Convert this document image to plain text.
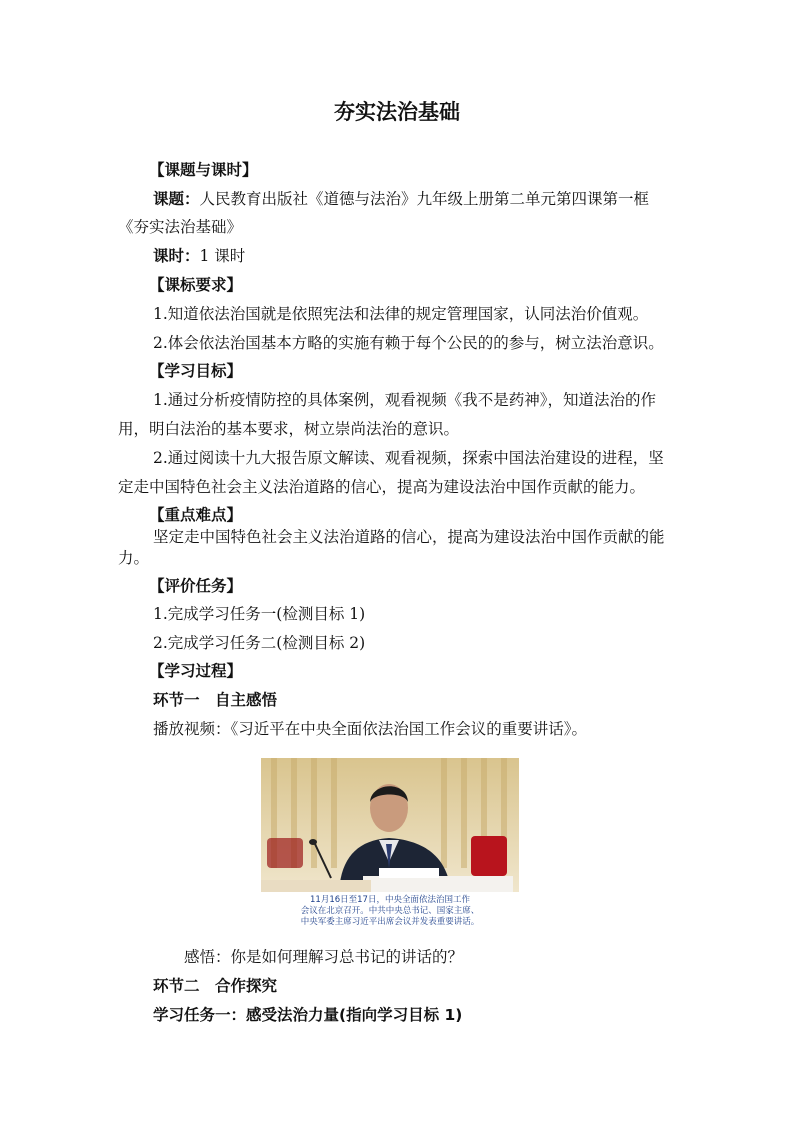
夯实法治基础
【课题与课时】
课题：人民教育出版社《道德与法治》九年级上册第二单元第四课第一框
《夯实法治基础》
课时：1 课时
【课标要求】
1.知道依法治国就是依照宪法和法律的规定管理国家，认同法治价值观。
2.体会依法治国基本方略的实施有赖于每个公民的的参与，树立法治意识。
【学习目标】
1.通过分析疫情防控的具体案例，观看视频《我不是药神》，知道法治的作
用，明白法治的基本要求，树立崇尚法治的意识。
2.通过阅读十九大报告原文解读、观看视频，探索中国法治建设的进程，坚
定走中国特色社会主义法治道路的信心，提高为建设法治中国作贡献的能力。
【重点难点】
坚定走中国特色社会主义法治道路的信心，提高为建设法治中国作贡献的能
力。
【评价任务】
1.完成学习任务一(检测目标 1)
2.完成学习任务二(检测目标 2)
【学习过程】
环节一　自主感悟
播放视频：《习近平在中央全面依法治国工作会议的重要讲话》。
11月16日至17日，中央全面依法治国工作
会议在北京召开。中共中央总书记、国家主席、
中央军委主席习近平出席会议并发表重要讲话。
感悟：你是如何理解习总书记的讲话的？
环节二　合作探究
学习任务一：感受法治力量(指向学习目标 1)
